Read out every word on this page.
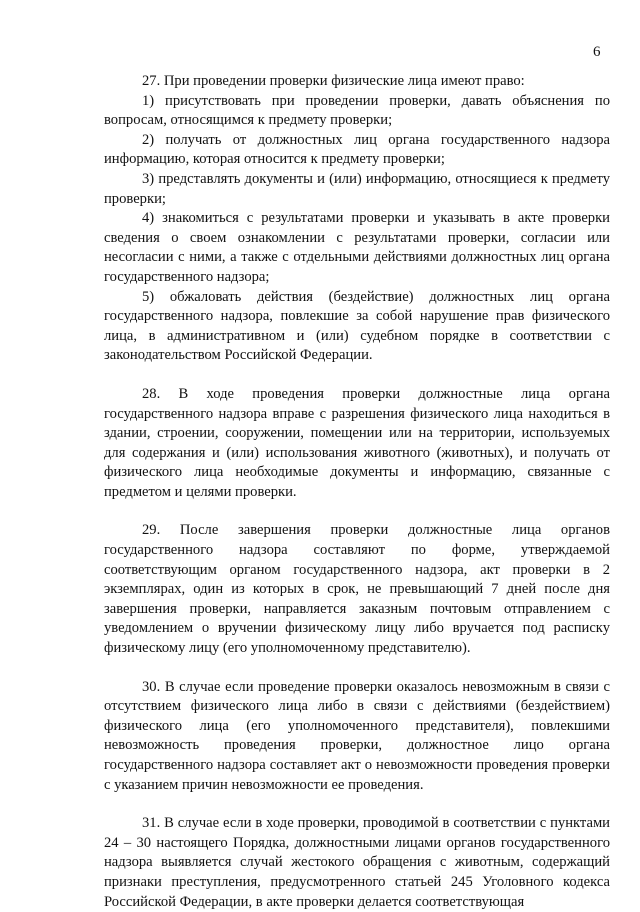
6

27. При проведении проверки физические лица имеют право:

1) присутствовать при проведении проверки, давать объяснения по вопросам, относящимся к предмету проверки;

2) получать от должностных лиц органа государственного надзора информацию, которая относится к предмету проверки;

3) представлять документы и (или) информацию, относящиеся к предмету проверки;

4) знакомиться с результатами проверки и указывать в акте проверки сведения о своем ознакомлении с результатами проверки, согласии или несогласии с ними, а также с отдельными действиями должностных лиц органа государственного надзора;

5) обжаловать действия (бездействие) должностных лиц органа государственного надзора, повлекшие за собой нарушение прав физического лица, в административном и (или) судебном порядке в соответствии с законодательством Российской Федерации.

28. В ходе проведения проверки должностные лица органа государственного надзора вправе с разрешения физического лица находиться в здании, строении, сооружении, помещении или на территории, используемых для содержания и (или) использования животного (животных), и получать от физического лица необходимые документы и информацию, связанные с предметом и целями проверки.

29. После завершения проверки должностные лица органов государственного надзора составляют по форме, утверждаемой соответствующим органом государственного надзора, акт проверки в 2 экземплярах, один из которых в срок, не превышающий 7 дней после дня завершения проверки, направляется заказным почтовым отправлением с уведомлением о вручении физическому лицу либо вручается под расписку физическому лицу (его уполномоченному представителю).

30. В случае если проведение проверки оказалось невозможным в связи с отсутствием физического лица либо в связи с действиями (бездействием) физического лица (его уполномоченного представителя), повлекшими невозможность проведения проверки, должностное лицо органа государственного надзора составляет акт о невозможности проведения проверки с указанием причин невозможности ее проведения.

31. В случае если в ходе проверки, проводимой в соответствии с пунктами 24 – 30 настоящего Порядка, должностными лицами органов государственного надзора выявляется случай жестокого обращения с животным, содержащий признаки преступления, предусмотренного статьей 245 Уголовного кодекса Российской Федерации, в акте проверки делается соответствующая
